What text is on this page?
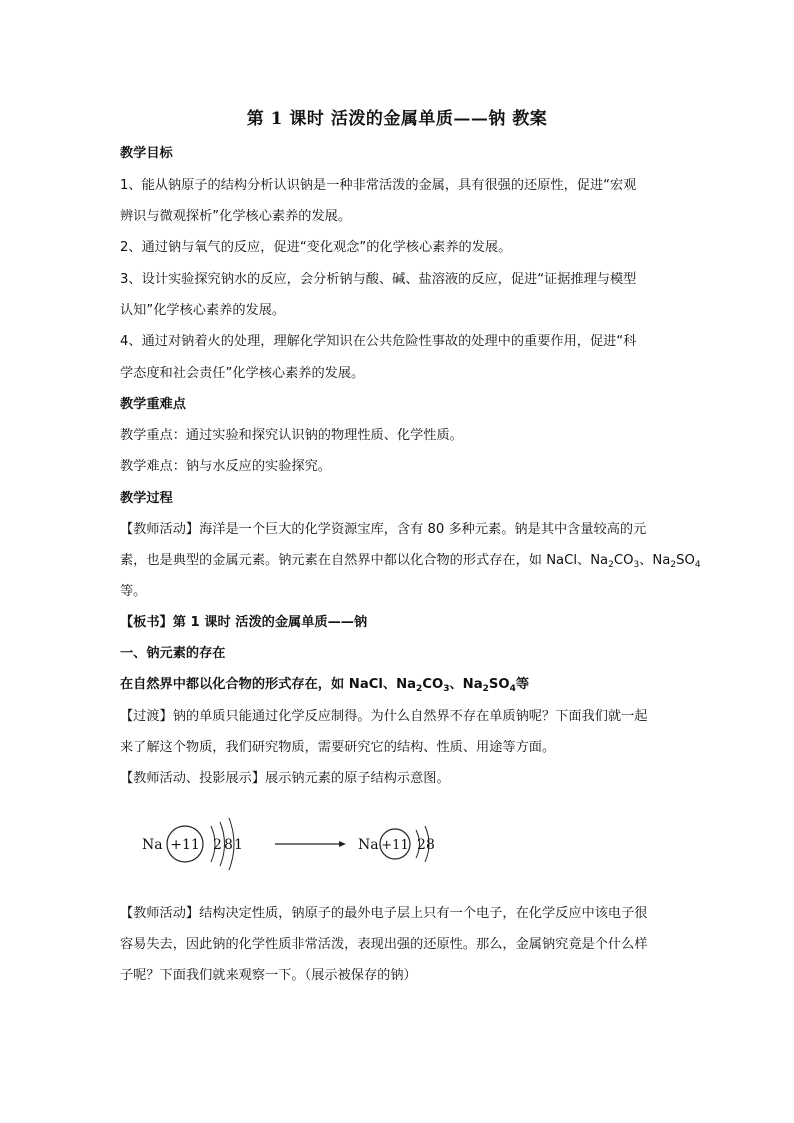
第 1 课时 活泼的金属单质——钠 教案
教学目标
1、能从钠原子的结构分析认识钠是一种非常活泼的金属，具有很强的还原性，促进“宏观
辨识与微观探析”化学核心素养的发展。
2、通过钠与氧气的反应，促进“变化观念”的化学核心素养的发展。
3、设计实验探究钠水的反应，会分析钠与酸、碱、盐溶液的反应，促进“证据推理与模型
认知”化学核心素养的发展。
4、通过对钠着火的处理，理解化学知识在公共危险性事故的处理中的重要作用，促进“科
学态度和社会责任”化学核心素养的发展。
教学重难点
教学重点：通过实验和探究认识钠的物理性质、化学性质。
教学难点：钠与水反应的实验探究。
教学过程
【教师活动】海洋是一个巨大的化学资源宝库，含有 80 多种元素。钠是其中含量较高的元
素，也是典型的金属元素。钠元素在自然界中都以化合物的形式存在，如 NaCl、$Na_2CO_3$、$Na_2SO_4$
等。
【板书】第 1 课时 活泼的金属单质——钠
一、钠元素的存在
在自然界中都以化合物的形式存在，如 NaCl、$Na_2CO_3$、$Na_2SO_4$等
【过渡】钠的单质只能通过化学反应制得。为什么自然界不存在单质钠呢？下面我们就一起
来了解这个物质，我们研究物质，需要研究它的结构、性质、用途等方面。
【教师活动、投影展示】展示钠元素的原子结构示意图。
Na +11 2 8 1	Na +11 2 8
【教师活动】结构决定性质，钠原子的最外电子层上只有一个电子，在化学反应中该电子很
容易失去，因此钠的化学性质非常活泼，表现出强的还原性。那么，金属钠究竟是个什么样
子呢？下面我们就来观察一下。（展示被保存的钠）
